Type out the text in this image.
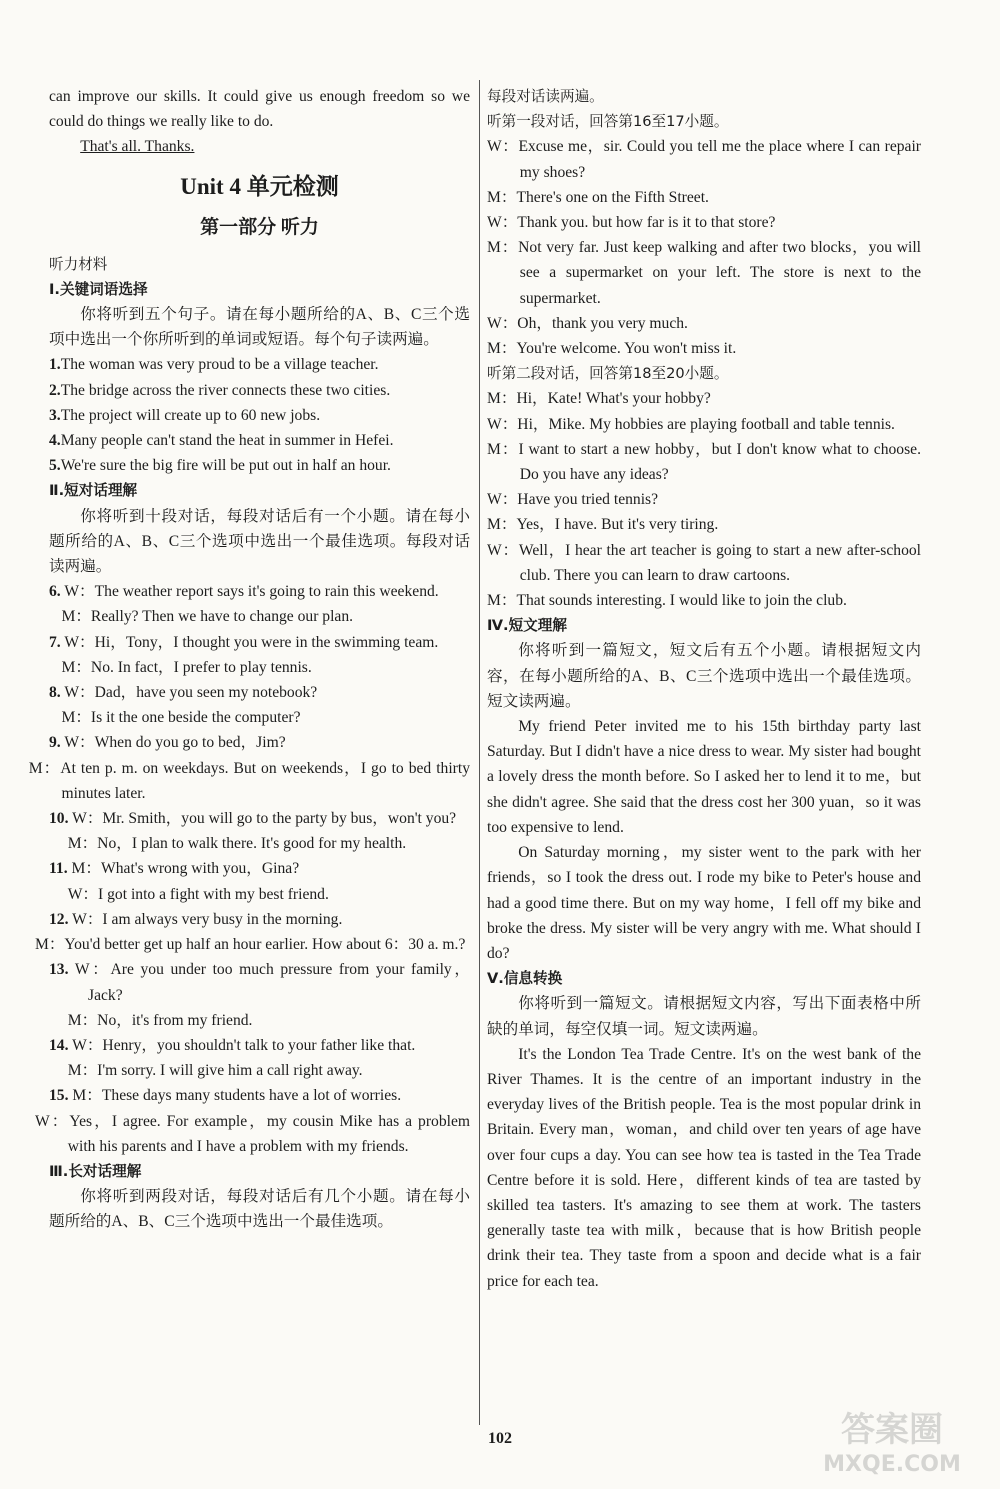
can improve our skills. It could give us enough freedom so we could do things we really like to do.

That's all. Thanks.

Unit 4 单元检测
第一部分 听力

听力材料

Ⅰ.关键词语选择

你将听到五个句子。请在每小题所给的A、B、C三个选项中选出一个你所听到的单词或短语。每个句子读两遍。

1.The woman was very proud to be a village teacher.

2.The bridge across the river connects these two cities.

3.The project will create up to 60 new jobs.

4.Many people can't stand the heat in summer in Hefei.

5.We're sure the big fire will be put out in half an hour.

Ⅱ.短对话理解

你将听到十段对话，每段对话后有一个小题。请在每小题所给的A、B、C三个选项中选出一个最佳选项。每段对话读两遍。

6. W：The weather report says it's going to rain this weekend.

M：Really? Then we have to change our plan.

7. W：Hi，Tony，I thought you were in the swimming team.

M：No. In fact，I prefer to play tennis.

8. W：Dad，have you seen my notebook?

M：Is it the one beside the computer?

9. W：When do you go to bed，Jim?

M：At ten p. m. on weekdays. But on weekends，I go to bed thirty minutes later.

10. W：Mr. Smith，you will go to the party by bus，won't you?

M：No，I plan to walk there. It's good for my health.

11. M：What's wrong with you，Gina?

W：I got into a fight with my best friend.

12. W：I am always very busy in the morning.

M：You'd better get up half an hour earlier. How about 6：30 a. m.?

13. W：Are you under too much pressure from your family，Jack?

M：No，it's from my friend.

14. W：Henry，you shouldn't talk to your father like that.

M：I'm sorry. I will give him a call right away.

15. M：These days many students have a lot of worries.

W：Yes，I agree. For example，my cousin Mike has a problem with his parents and I have a problem with my friends.

Ⅲ.长对话理解

你将听到两段对话，每段对话后有几个小题。请在每小题所给的A、B、C三个选项中选出一个最佳选项。

每段对话读两遍。

听第一段对话，回答第16至17小题。

W：Excuse me，sir. Could you tell me the place where I can repair my shoes?

M：There's one on the Fifth Street.

W：Thank you. but how far is it to that store?

M：Not very far. Just keep walking and after two blocks，you will see a supermarket on your left. The store is next to the supermarket.

W：Oh，thank you very much.

M：You're welcome. You won't miss it.

听第二段对话，回答第18至20小题。

M：Hi，Kate! What's your hobby?

W：Hi，Mike. My hobbies are playing football and table tennis.

M：I want to start a new hobby，but I don't know what to choose. Do you have any ideas?

W：Have you tried tennis?

M：Yes，I have. But it's very tiring.

W：Well，I hear the art teacher is going to start a new after-school club. There you can learn to draw cartoons.

M：That sounds interesting. I would like to join the club.

Ⅳ.短文理解

你将听到一篇短文，短文后有五个小题。请根据短文内容，在每小题所给的A、B、C三个选项中选出一个最佳选项。短文读两遍。

My friend Peter invited me to his 15th birthday party last Saturday. But I didn't have a nice dress to wear. My sister had bought a lovely dress the month before. So I asked her to lend it to me，but she didn't agree. She said that the dress cost her 300 yuan，so it was too expensive to lend.

On Saturday morning，my sister went to the park with her friends，so I took the dress out. I rode my bike to Peter's house and had a good time there. But on my way home，I fell off my bike and broke the dress. My sister will be very angry with me. What should I do?

Ⅴ.信息转换

你将听到一篇短文。请根据短文内容，写出下面表格中所缺的单词，每空仅填一词。短文读两遍。

It's the London Tea Trade Centre. It's on the west bank of the River Thames. It is the centre of an important industry in the everyday lives of the British people. Tea is the most popular drink in Britain. Every man，woman，and child over ten years of age have over four cups a day. You can see how tea is tasted in the Tea Trade Centre before it is sold. Here，different kinds of tea are tasted by skilled tea tasters. It's amazing to see them at work. The tasters generally taste tea with milk，because that is how British people drink their tea. They taste from a spoon and decide what is a fair price for each tea.

102	答案圈
MXQE.COM
